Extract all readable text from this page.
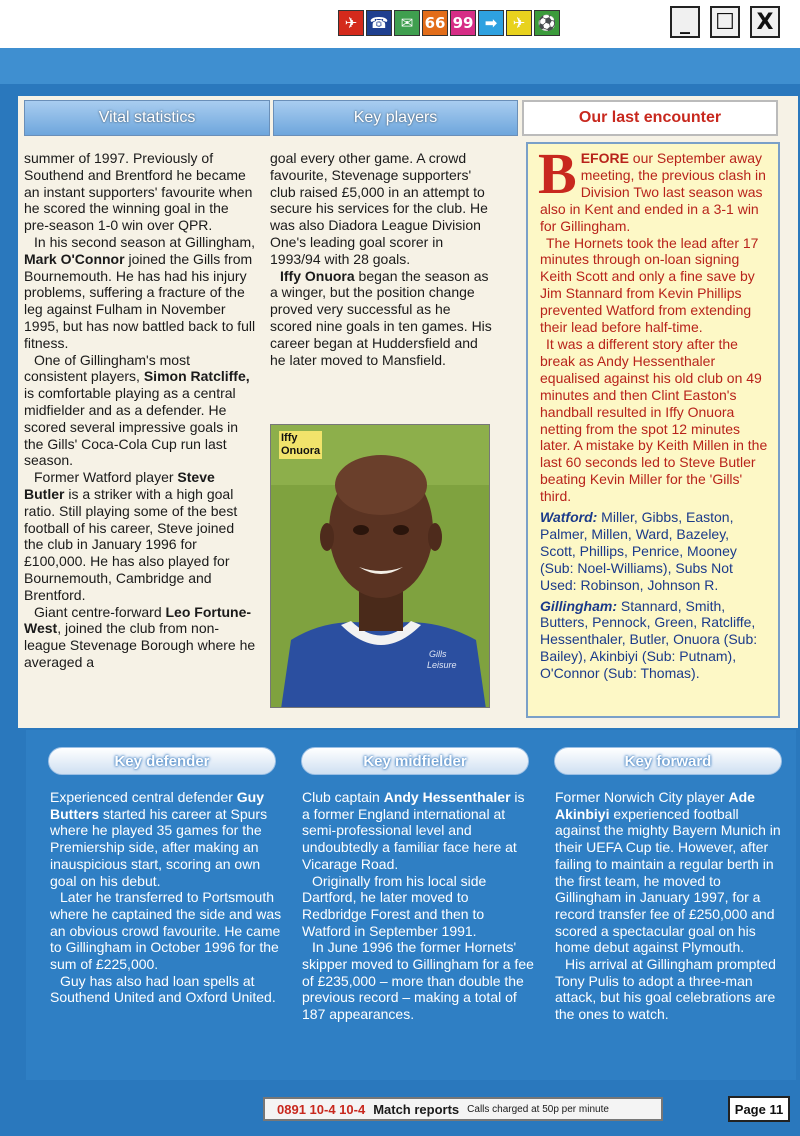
✈ ☎ ✉ 66 99 ➡	✈ ⚽	_	☐ X
Vital statistics	Key players	Our last encounter

summer of 1997. Previously of Southend and Brentford he became an instant supporters' favourite when he scored the winning goal in the pre-season 1-0 win over QPR.

In his second season at Gillingham, Mark O'Connor joined the Gills from Bournemouth. He has had his injury problems, suffering a fracture of the leg against Fulham in November 1995, but has now battled back to full fitness.

One of Gillingham's most consistent players, Simon Ratcliffe, is comfortable playing as a central midfielder and as a defender. He scored several impressive goals in the Gills' Coca-Cola Cup run last season.

Former Watford player Steve Butler is a striker with a high goal ratio. Still playing some of the best football of his career, Steve joined the club in January 1996 for £100,000. He has also played for Bournemouth, Cambridge and Brentford.

Giant centre-forward Leo Fortune-West, joined the club from non-league Stevenage Borough where he averaged a

goal every other game. A crowd favourite, Stevenage supporters' club raised £5,000 in an attempt to secure his services for the club. He was also Diadora League Division One's leading goal scorer in 1993/94 with 28 goals.

Iffy Onuora began the season as a winger, but the position change proved very successful as he scored nine goals in ten games. His career began at Huddersfield and he later moved to Mansfield.

Gills
Leisure
Iffy
Onuora

BEFORE our September away meeting, the previous clash in Division Two last season was also in Kent and ended in a 3-1 win for Gillingham.

The Hornets took the lead after 17 minutes through on-loan signing Keith Scott and only a fine save by Jim Stannard from Kevin Phillips prevented Watford from extending their lead before half-time.

It was a different story after the break as Andy Hessenthaler equalised against his old club on 49 minutes and then Clint Easton's handball resulted in Iffy Onuora netting from the spot 12 minutes later. A mistake by Keith Millen in the last 60 seconds led to Steve Butler beating Kevin Miller for the 'Gills' third.

Watford: Miller, Gibbs, Easton, Palmer, Millen, Ward, Bazeley, Scott, Phillips, Penrice, Mooney (Sub: Noel-Williams), Subs Not Used: Robinson, Johnson R.

Gillingham: Stannard, Smith, Butters, Pennock, Green, Ratcliffe, Hessenthaler, Butler, Onuora (Sub: Bailey), Akinbiyi (Sub: Putnam), O'Connor (Sub: Thomas).

Key defender	Key midfielder	Key forward

Experienced central defender Guy Butters started his career at Spurs where he played 35 games for the Premiership side, after making an inauspicious start, scoring an own goal on his debut.

Later he transferred to Portsmouth where he captained the side and was an obvious crowd favourite. He came to Gillingham in October 1996 for the sum of £225,000.

Guy has also had loan spells at Southend United and Oxford United.

Club captain Andy Hessenthaler is a former England international at semi-professional level and undoubtedly a familiar face here at Vicarage Road.

Originally from his local side Dartford, he later moved to Redbridge Forest and then to Watford in September 1991.

In June 1996 the former Hornets' skipper moved to Gillingham for a fee of £235,000 – more than double the previous record – making a total of 187 appearances.

Former Norwich City player Ade Akinbiyi experienced football against the mighty Bayern Munich in their UEFA Cup tie. However, after failing to maintain a regular berth in the first team, he moved to Gillingham in January 1997, for a record transfer fee of £250,000 and scored a spectacular goal on his home debut against Plymouth.

His arrival at Gillingham prompted Tony Pulis to adopt a three-man attack, but his goal celebrations are the ones to watch.

0891 10-4 10-4 Match reports Calls charged at 50p per minute	Page 11
